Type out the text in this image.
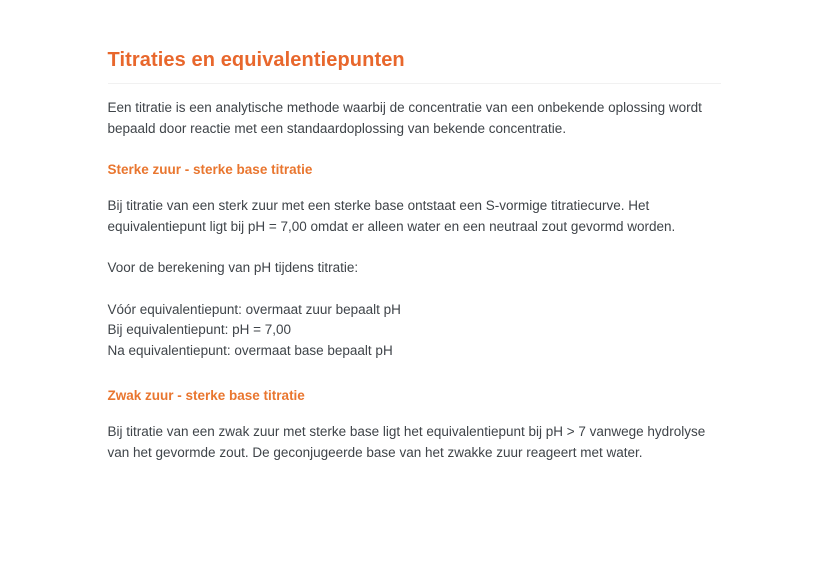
Titraties en equivalentiepunten

Een titratie is een analytische methode waarbij de concentratie van een onbekende oplossing wordt bepaald door reactie met een standaardoplossing van bekende concentratie.

Sterke zuur - sterke base titratie

Bij titratie van een sterk zuur met een sterke base ontstaat een S-vormige titratiecurve. Het equivalentiepunt ligt bij pH = 7,00 omdat er alleen water en een neutraal zout gevormd worden.

Voor de berekening van pH tijdens titratie:

Vóór equivalentiepunt: overmaat zuur bepaalt pH

Bij equivalentiepunt: pH = 7,00

Na equivalentiepunt: overmaat base bepaalt pH

Zwak zuur - sterke base titratie

Bij titratie van een zwak zuur met sterke base ligt het equivalentiepunt bij pH > 7 vanwege hydrolyse van het gevormde zout. De geconjugeerde base van het zwakke zuur reageert met water.
